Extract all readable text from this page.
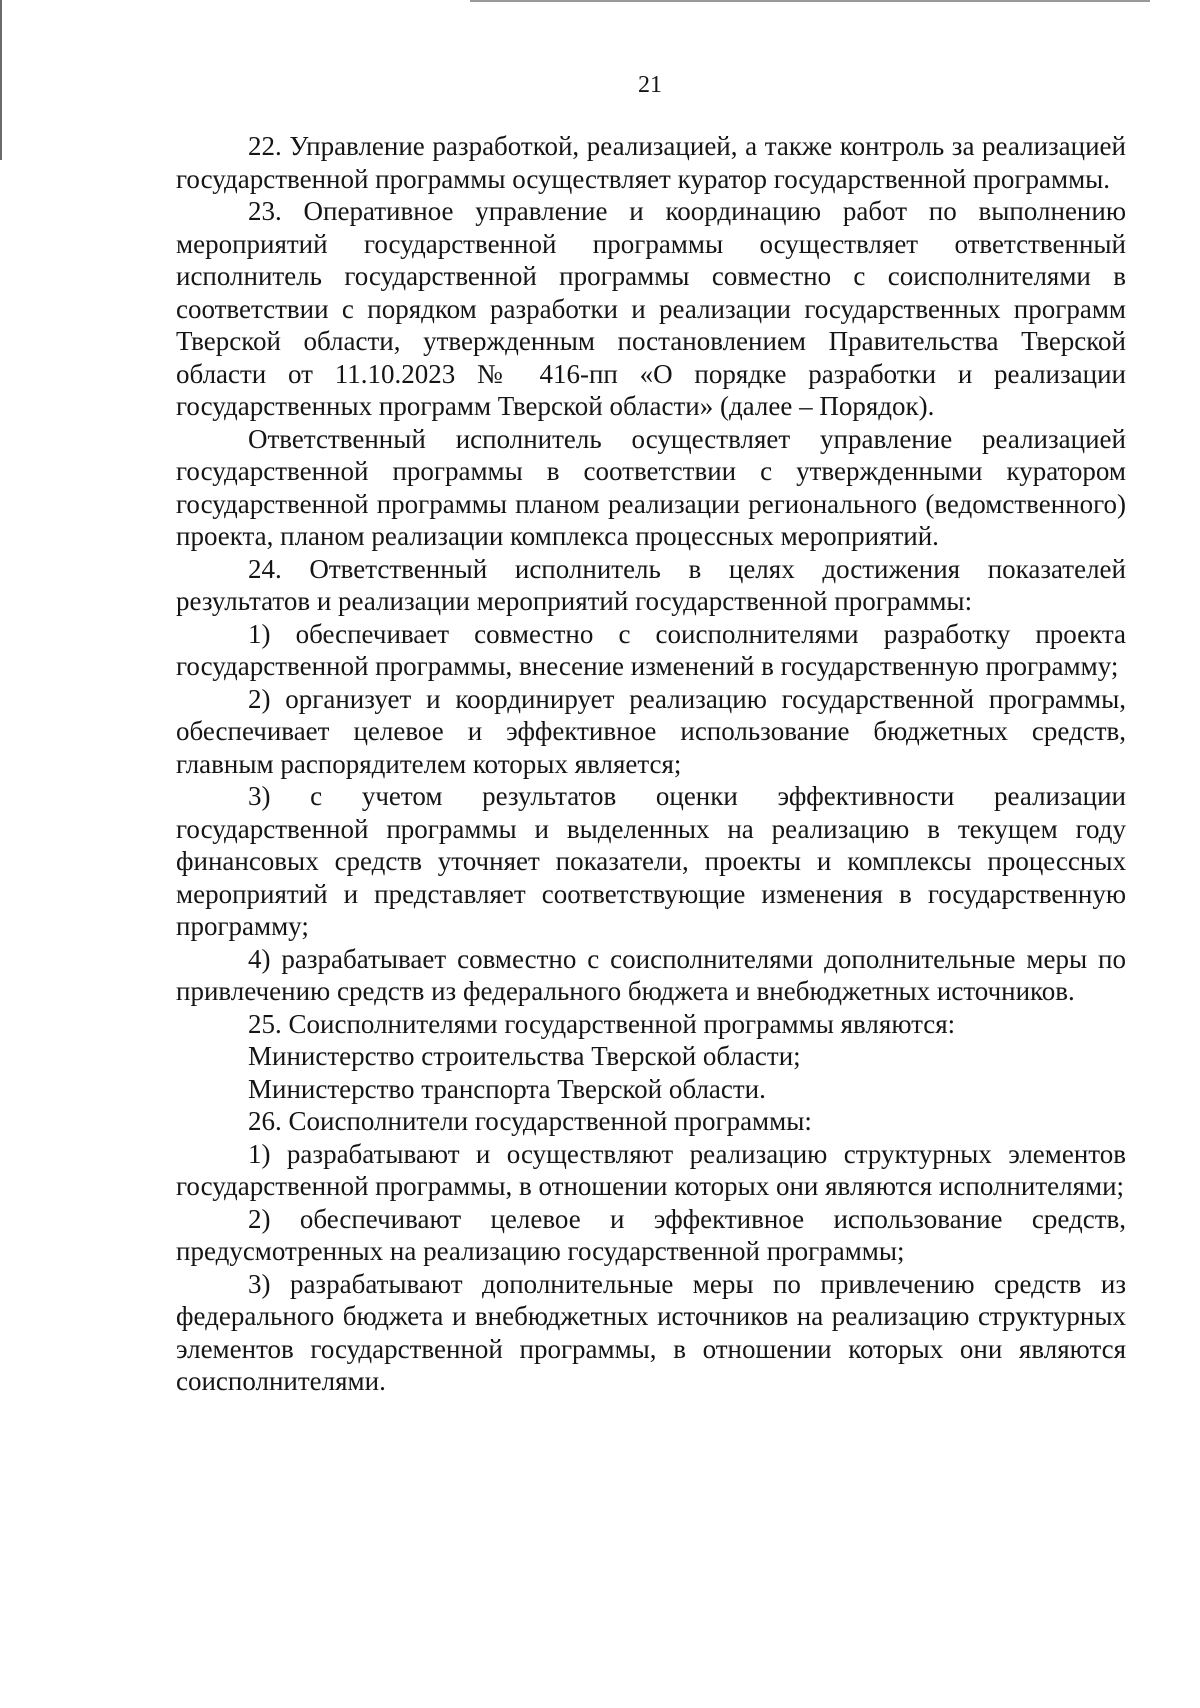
21

22. Управление разработкой, реализацией, а также контроль за реализацией государственной программы осуществляет куратор государственной программы.

23. Оперативное управление и координацию работ по выполнению мероприятий государственной программы осуществляет ответственный исполнитель государственной программы совместно с соисполнителями в соответствии с порядком разработки и реализации государственных программ Тверской области, утвержденным постановлением Правительства Тверской области от 11.10.2023 № 416-пп «О порядке разработки и реализации государственных программ Тверской области» (далее – Порядок).

Ответственный исполнитель осуществляет управление реализацией государственной программы в соответствии с утвержденными куратором государственной программы планом реализации регионального (ведомственного) проекта, планом реализации комплекса процессных мероприятий.

24. Ответственный исполнитель в целях достижения показателей результатов и реализации мероприятий государственной программы:

1) обеспечивает совместно с соисполнителями разработку проекта государственной программы, внесение изменений в государственную программу;

2) организует и координирует реализацию государственной программы, обеспечивает целевое и эффективное использование бюджетных средств, главным распорядителем которых является;

3) с учетом результатов оценки эффективности реализации государственной программы и выделенных на реализацию в текущем году финансовых средств уточняет показатели, проекты и комплексы процессных мероприятий и представляет соответствующие изменения в государственную программу;

4) разрабатывает совместно с соисполнителями дополнительные меры по привлечению средств из федерального бюджета и внебюджетных источников.

25. Соисполнителями государственной программы являются:

Министерство строительства Тверской области;

Министерство транспорта Тверской области.

26. Соисполнители государственной программы:

1) разрабатывают и осуществляют реализацию структурных элементов государственной программы, в отношении которых они являются исполнителями;

2) обеспечивают целевое и эффективное использование средств, предусмотренных на реализацию государственной программы;

3) разрабатывают дополнительные меры по привлечению средств из федерального бюджета и внебюджетных источников на реализацию структурных элементов государственной программы, в отношении которых они являются соисполнителями.
